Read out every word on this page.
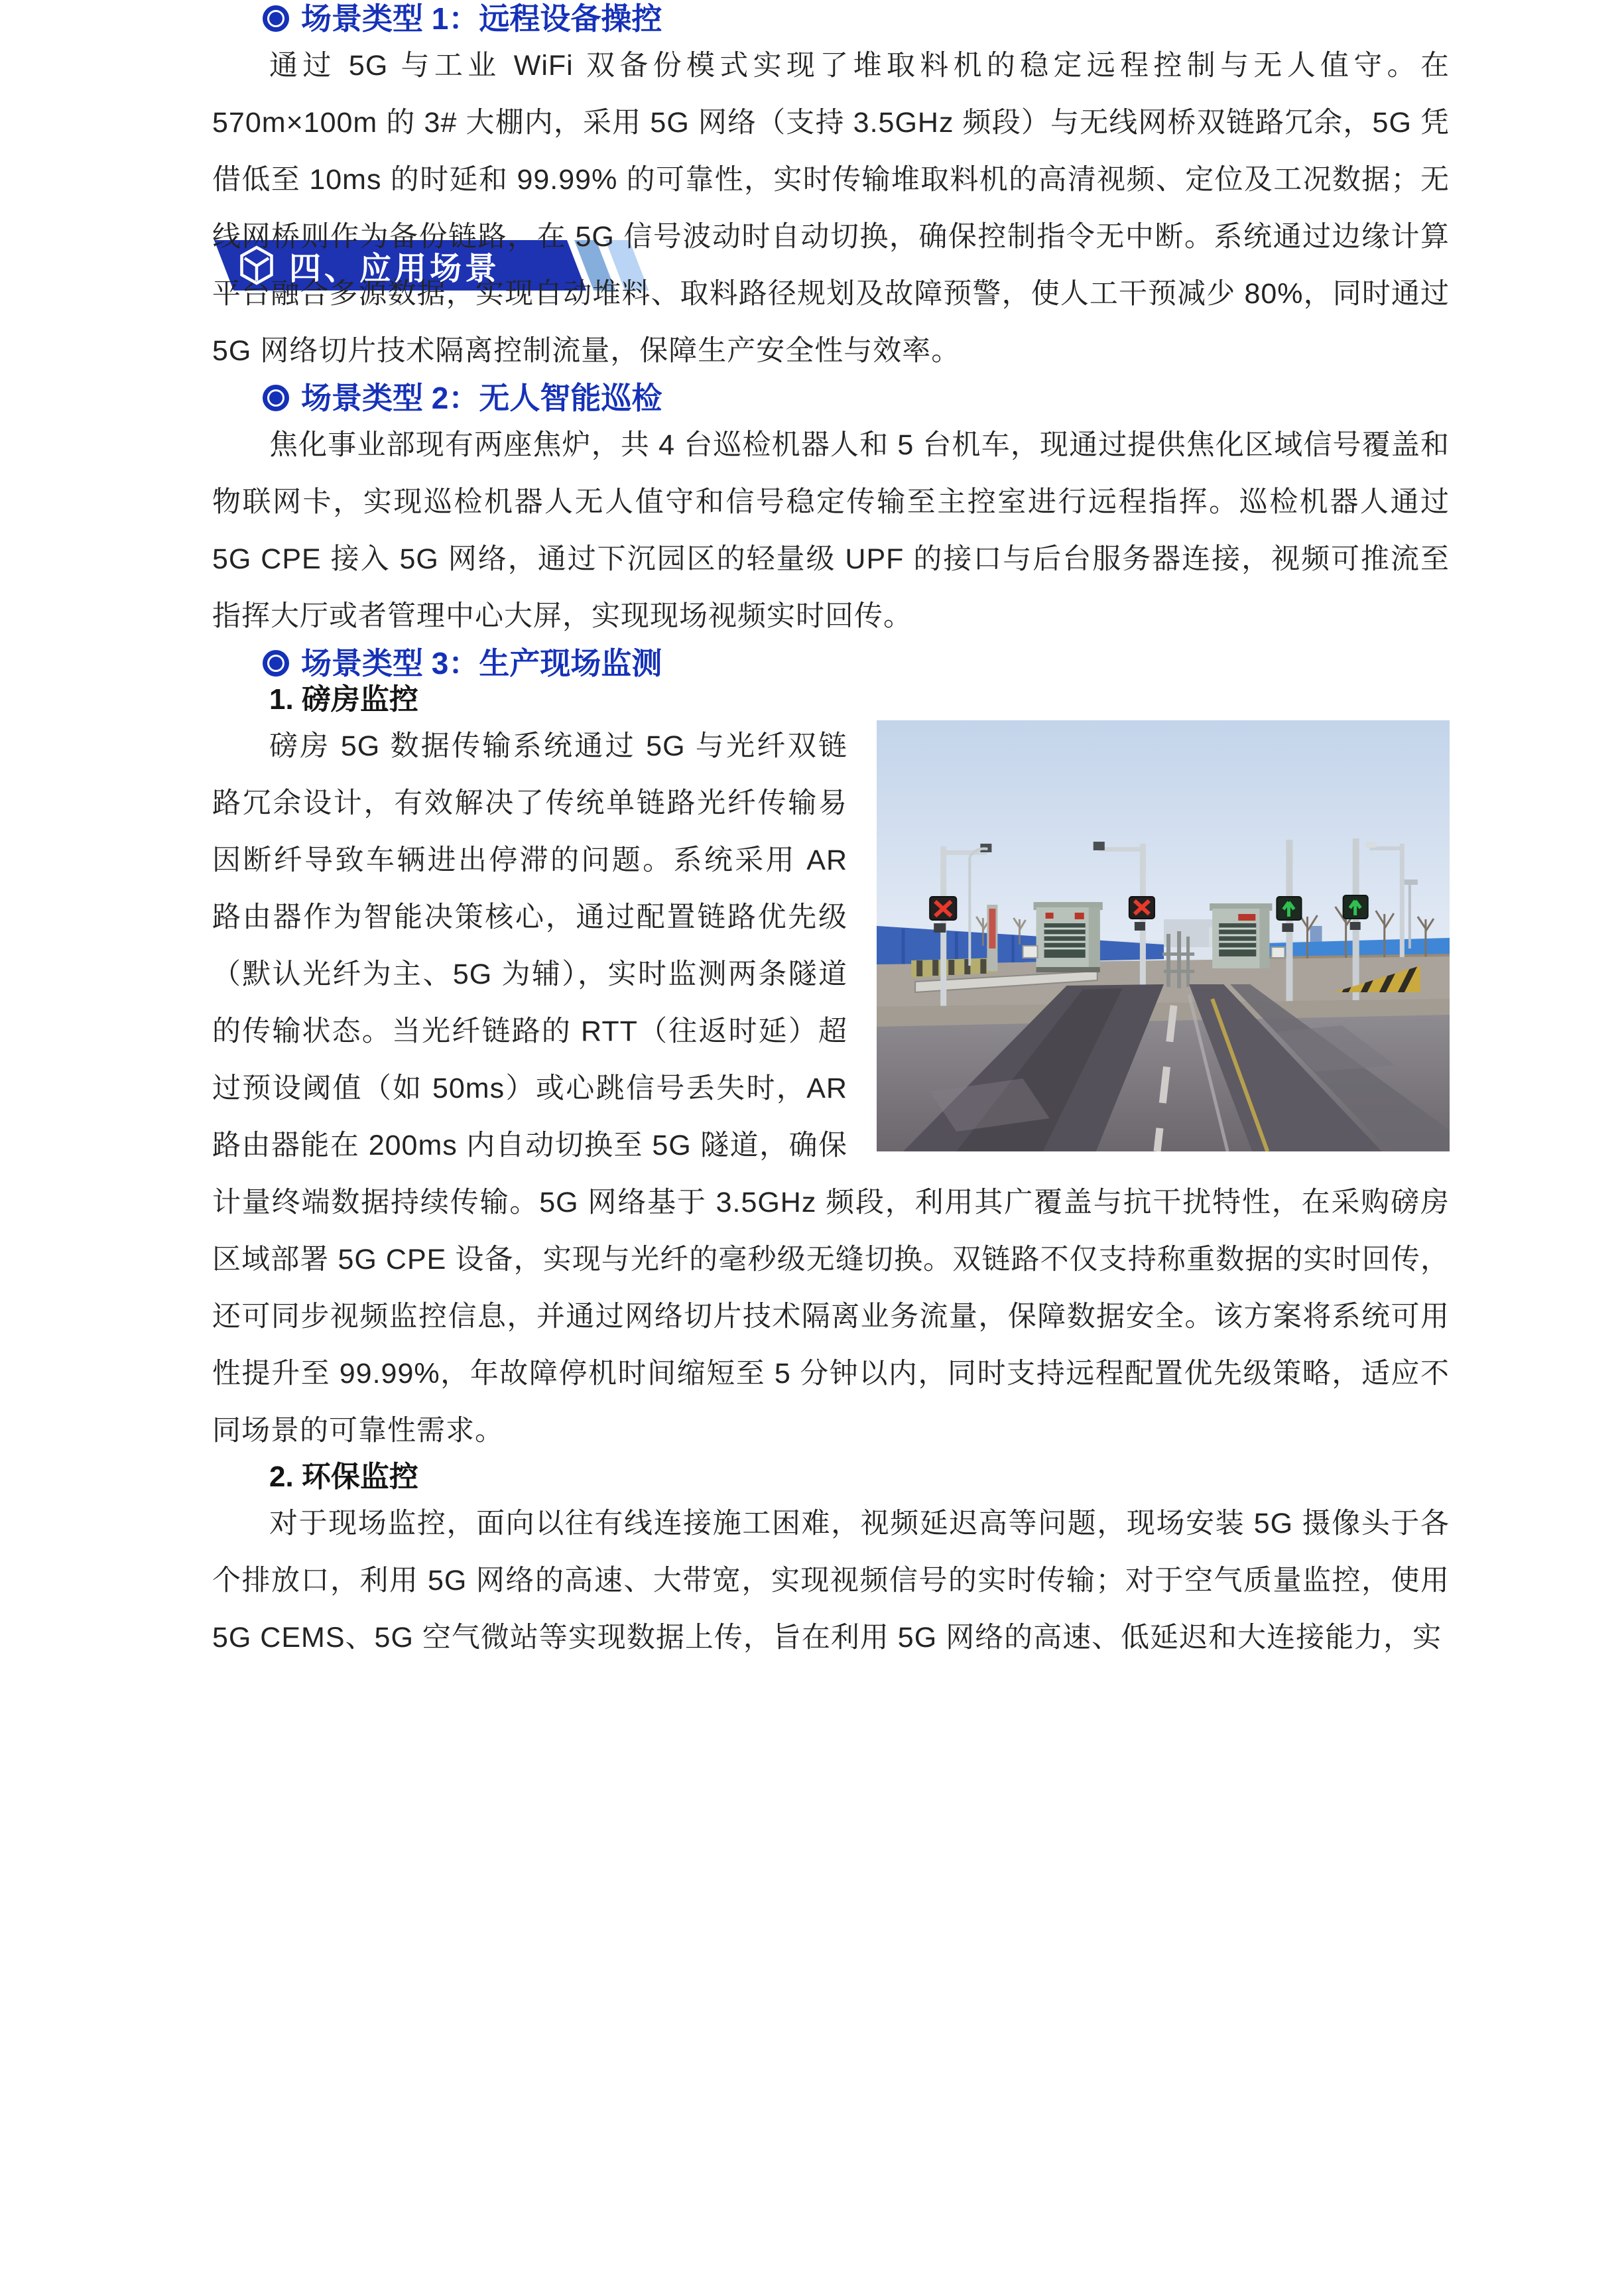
四、应用场景
场景类型 1：远程设备操控

通过 5G 与工业 WiFi 双备份模式实现了堆取料机的稳定远程控制与无人值守。在 570m×100m 的 3# 大棚内，采用 5G 网络（支持 3.5GHz 频段）与无线网桥双链路冗余，5G 凭借低至 10ms 的时延和 99.99% 的可靠性，实时传输堆取料机的高清视频、定位及工况数据；无线网桥则作为备份链路，在 5G 信号波动时自动切换，确保控制指令无中断。系统通过边缘计算平台融合多源数据，实现自动堆料、取料路径规划及故障预警，使人工干预减少 80%，同时通过 5G 网络切片技术隔离控制流量，保障生产安全性与效率。

场景类型 2：无人智能巡检

焦化事业部现有两座焦炉，共 4 台巡检机器人和 5 台机车，现通过提供焦化区域信号覆盖和物联网卡，实现巡检机器人无人值守和信号稳定传输至主控室进行远程指挥。巡检机器人通过 5G CPE 接入 5G 网络，通过下沉园区的轻量级 UPF 的接口与后台服务器连接，视频可推流至指挥大厅或者管理中心大屏，实现现场视频实时回传。

场景类型 3：生产现场监测
1. 磅房监控

磅房 5G 数据传输系统通过 5G 与光纤双链路冗余设计，有效解决了传统单链路光纤传输易因断纤导致车辆进出停滞的问题。系统采用 AR 路由器作为智能决策核心，通过配置链路优先级（默认光纤为主、5G 为辅），实时监测两条隧道的传输状态。当光纤链路的 RTT（往返时延）超过预设阈值（如 50ms）或心跳信号丢失时，AR 路由器能在 200ms 内自动切换至 5G 隧道，确保计量终端数据持续传输。5G 网络基于 3.5GHz 频段，利用其广覆盖与抗干扰特性，在采购磅房区域部署 5G CPE 设备，实现与光纤的毫秒级无缝切换。双链路不仅支持称重数据的实时回传，还可同步视频监控信息，并通过网络切片技术隔离业务流量，保障数据安全。该方案将系统可用性提升至 99.99%，年故障停机时间缩短至 5 分钟以内，同时支持远程配置优先级策略，适应不同场景的可靠性需求。

2. 环保监控

对于现场监控，面向以往有线连接施工困难，视频延迟高等问题，现场安装 5G 摄像头于各个排放口，利用 5G 网络的高速、大带宽，实现视频信号的实时传输；对于空气质量监控，使用 5G CEMS、5G 空气微站等实现数据上传，旨在利用 5G 网络的高速、低延迟和大连接能力，实
